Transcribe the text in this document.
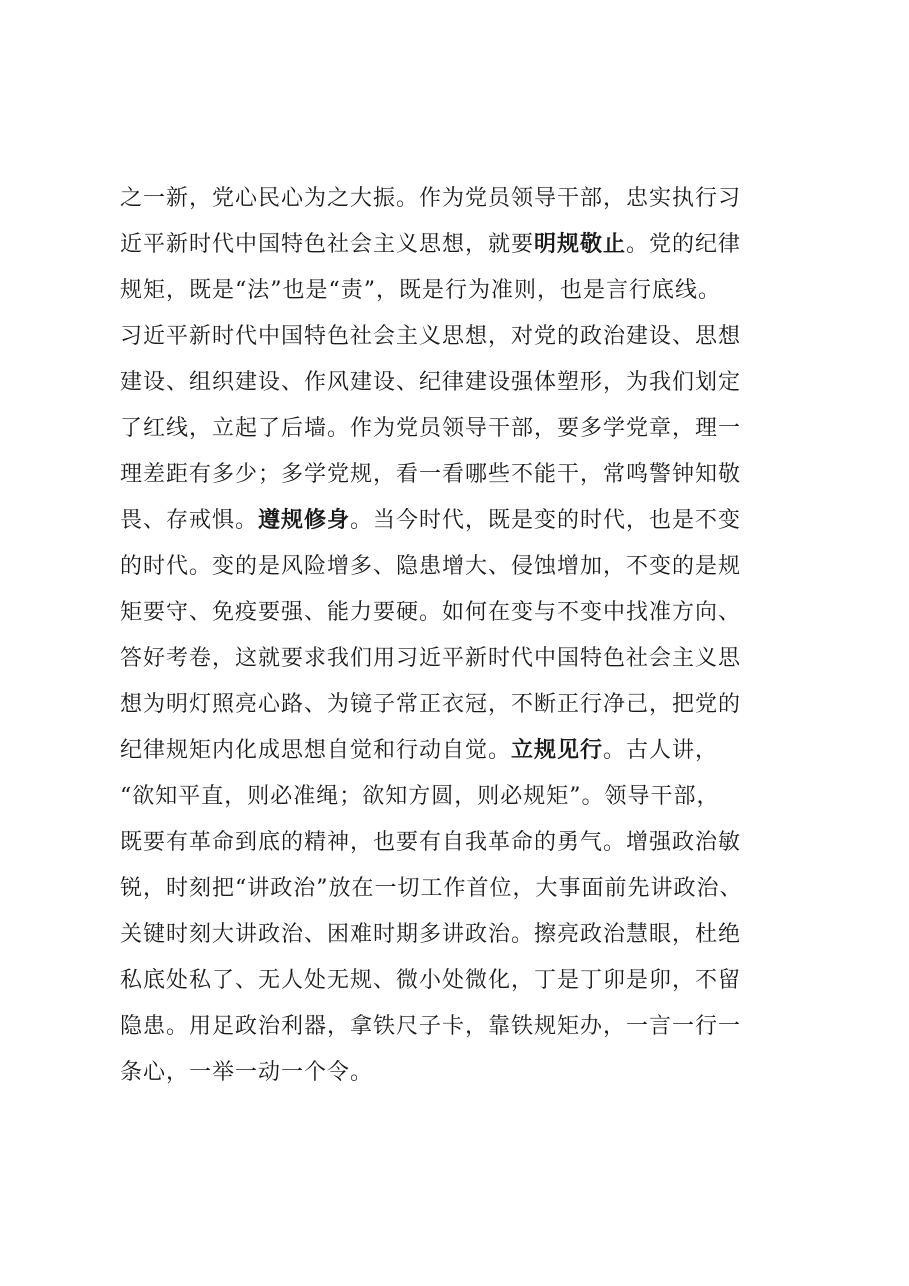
之一新，党心民心为之大振。作为党员领导干部，忠实执行习
近平新时代中国特色社会主义思想，就要明规敬止。党的纪律
规矩，既是“法”也是“责”，既是行为准则，也是言行底线。
习近平新时代中国特色社会主义思想，对党的政治建设、思想
建设、组织建设、作风建设、纪律建设强体塑形，为我们划定
了红线，立起了后墙。作为党员领导干部，要多学党章，理一
理差距有多少；多学党规，看一看哪些不能干，常鸣警钟知敬
畏、存戒惧。遵规修身。当今时代，既是变的时代，也是不变
的时代。变的是风险增多、隐患增大、侵蚀增加，不变的是规
矩要守、免疫要强、能力要硬。如何在变与不变中找准方向、
答好考卷，这就要求我们用习近平新时代中国特色社会主义思
想为明灯照亮心路、为镜子常正衣冠，不断正行净己，把党的
纪律规矩内化成思想自觉和行动自觉。立规见行。古人讲，
“欲知平直，则必准绳；欲知方圆，则必规矩”。领导干部，
既要有革命到底的精神，也要有自我革命的勇气。增强政治敏
锐，时刻把“讲政治”放在一切工作首位，大事面前先讲政治、
关键时刻大讲政治、困难时期多讲政治。擦亮政治慧眼，杜绝
私底处私了、无人处无规、微小处微化，丁是丁卯是卯，不留
隐患。用足政治利器，拿铁尺子卡，靠铁规矩办，一言一行一
条心，一举一动一个令。
